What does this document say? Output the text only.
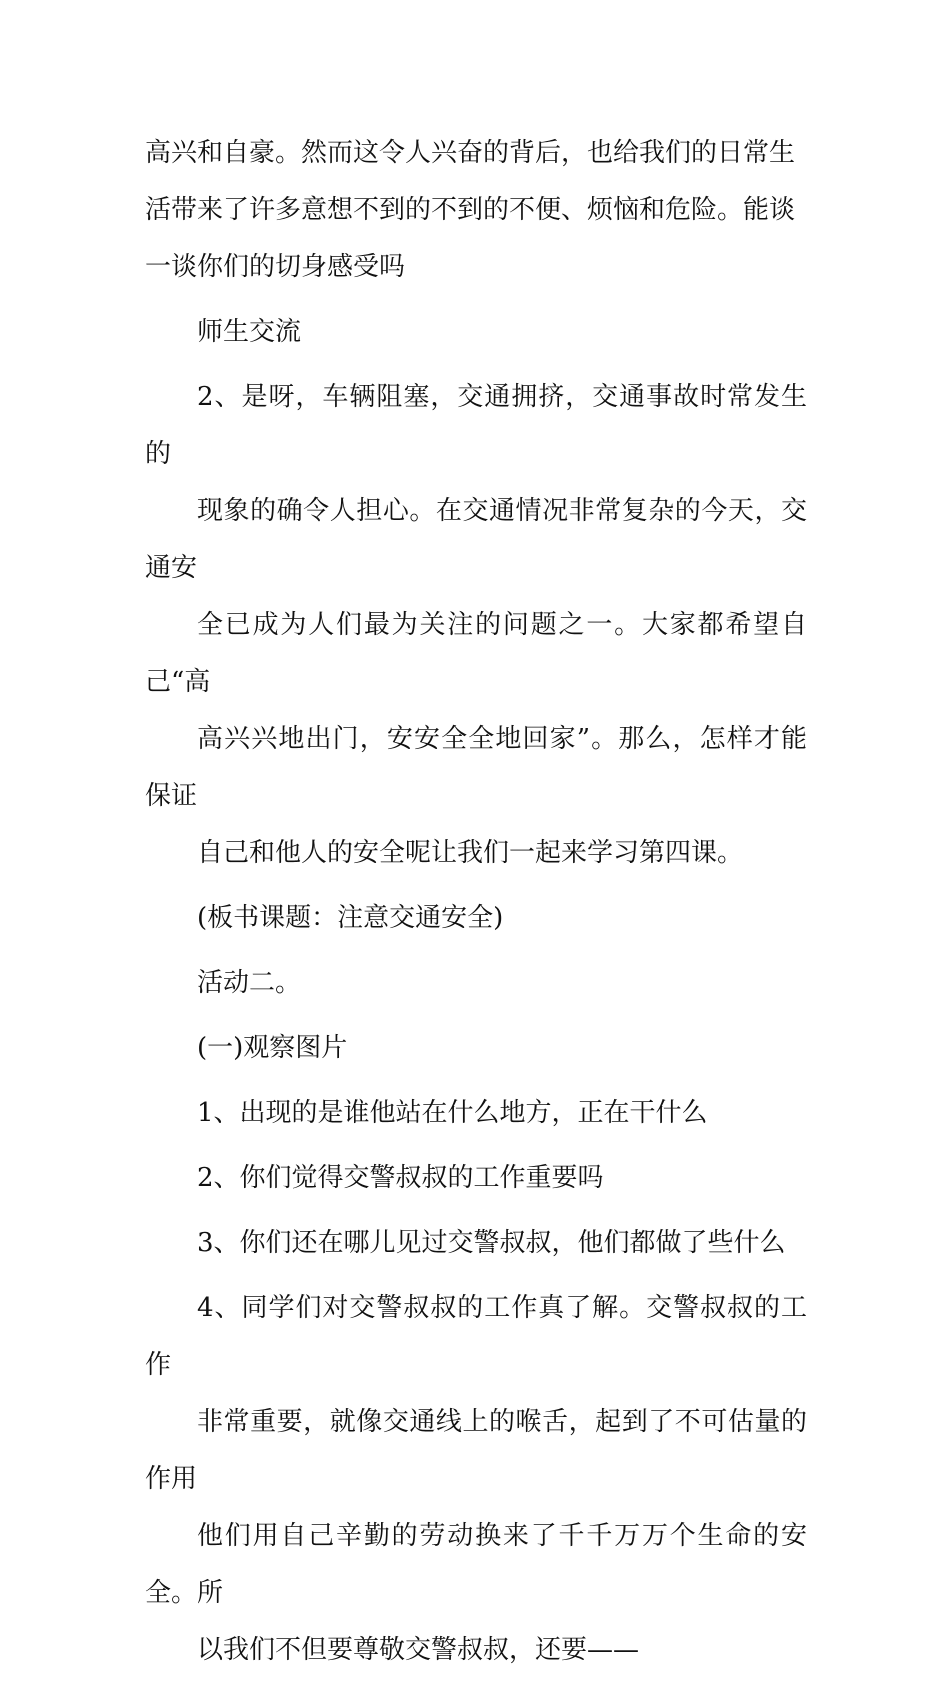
高兴和自豪。然而这令人兴奋的背后，也给我们的日常生
活带来了许多意想不到的不到的不便、烦恼和危险。能谈
一谈你们的切身感受吗

师生交流

2、是呀，车辆阻塞，交通拥挤，交通事故时常发生的
现象的确令人担心。在交通情况非常复杂的今天，交通安
全已成为人们最为关注的问题之一。大家都希望自己“高
高兴兴地出门，安安全全地回家”。那么，怎样才能保证
自己和他人的安全呢让我们一起来学习第四课。

(板书课题：注意交通安全)

活动二。

(一)观察图片

1、出现的是谁他站在什么地方，正在干什么

2、你们觉得交警叔叔的工作重要吗

3、你们还在哪儿见过交警叔叔，他们都做了些什么

4、同学们对交警叔叔的工作真了解。交警叔叔的工作
非常重要，就像交通线上的喉舌，起到了不可估量的作用
他们用自己辛勤的劳动换来了千千万万个生命的安全。所
以我们不但要尊敬交警叔叔，还要——
